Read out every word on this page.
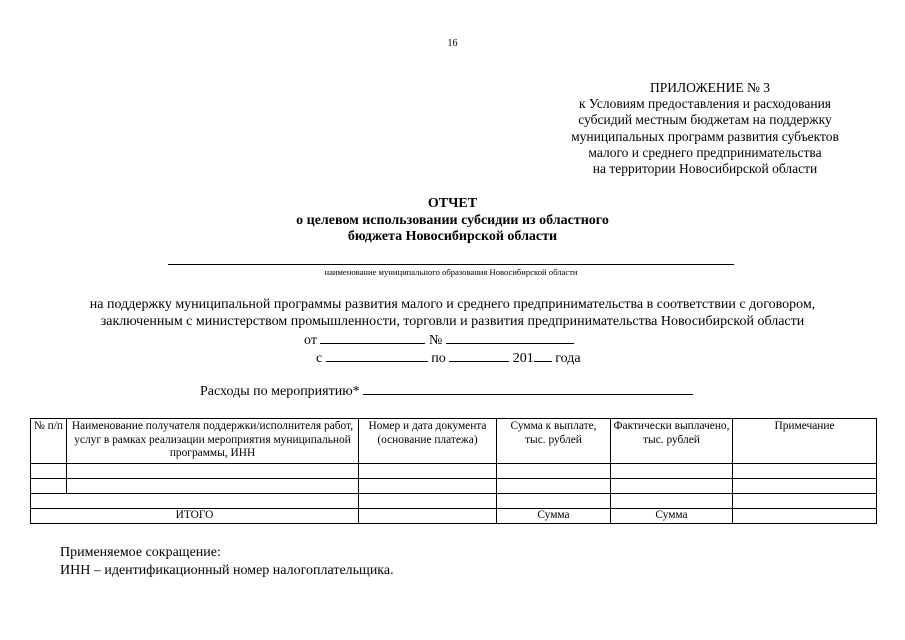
16
ПРИЛОЖЕНИЕ № 3
к Условиям предоставления и расходования
субсидий местным бюджетам на поддержку
муниципальных программ развития субъектов
малого и среднего предпринимательства
на территории Новосибирской области
ОТЧЕТ
о целевом использовании субсидии из областного
бюджета Новосибирской области
наименование муниципального образования Новосибирской области
на поддержку муниципальной программы развития малого и среднего предпринимательства в соответствии с договором,
заключенным с министерством промышленности, торговли и развития предпринимательства Новосибирской области
от	№
с	по	201 года
Расходы по мероприятию*
№ п/п	Наименование получателя поддержки/исполнителя работ, услуг в рамках реализации мероприятия муниципальной программы, ИНН	Номер и дата документа (основание платежа)	Сумма к выплате, тыс. рублей	Фактически выплачено, тыс. рублей	Примечание

ИТОГО			Сумма	Сумма	
Применяемое сокращение:
ИНН – идентификационный номер налогоплательщика.
